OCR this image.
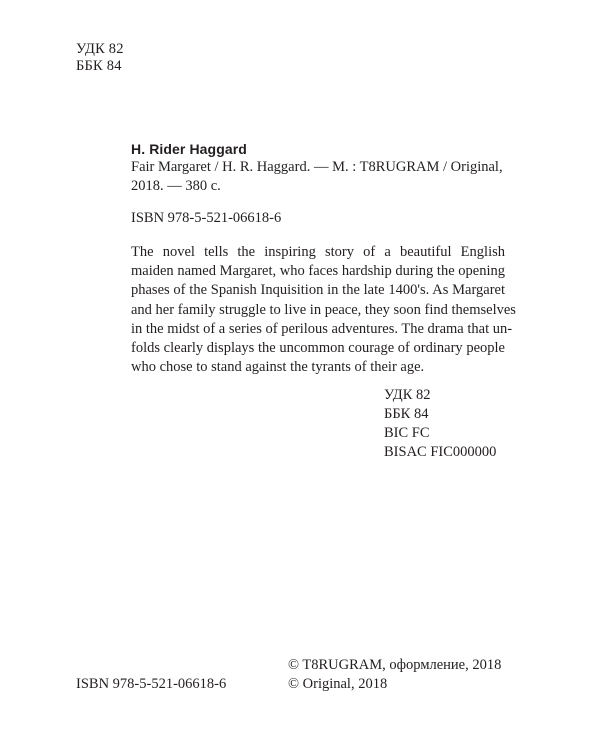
УДК 82

ББК 84

H. Rider Haggard

Fair Margaret / H. R. Haggard. — M. : T8RUGRAM / Original,

2018. — 380 с.

ISBN 978-5-521-06618-6

The novel tells the inspiring story of a beautiful English
maiden named Margaret, who faces hardship during the opening
phases of the Spanish Inquisition in the late 1400's. As Margaret
and her family struggle to live in peace, they soon find themselves
in the midst of a series of perilous adventures. The drama that un-
folds clearly displays the uncommon courage of ordinary people
who chose to stand against the tyrants of their age.

УДК 82

ББК 84

BIC FC

BISAC FIC000000

© T8RUGRAM, оформление, 2018

© Original, 2018

ISBN 978-5-521-06618-6
